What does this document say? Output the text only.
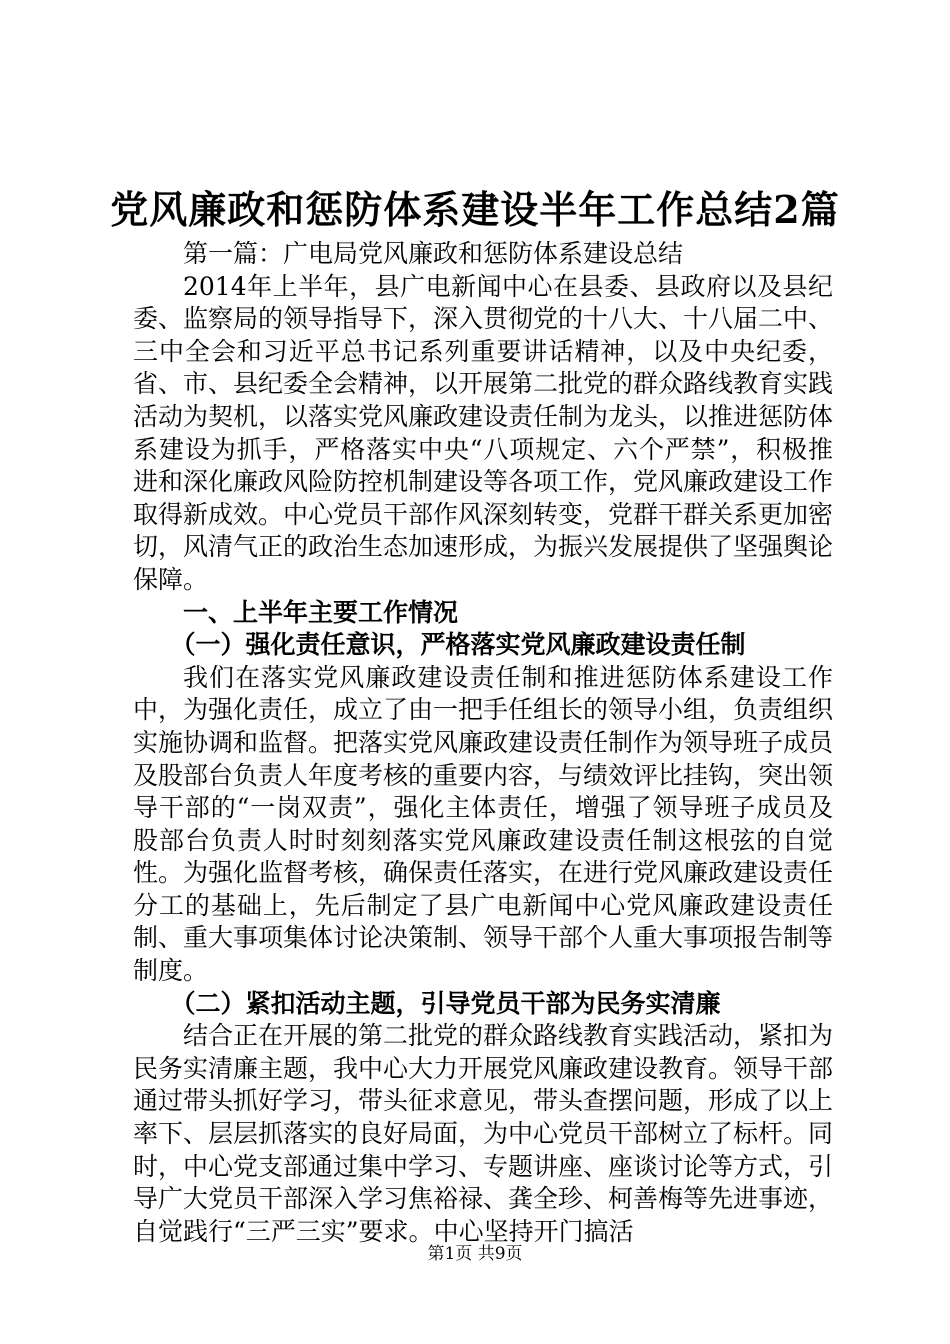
党风廉政和惩防体系建设半年工作总结2篇

第一篇：广电局党风廉政和惩防体系建设总结

2014年上半年，县广电新闻中心在县委、县政府以及县纪委、监察局的领导指导下，深入贯彻党的十八大、十八届二中、三中全会和习近平总书记系列重要讲话精神，以及中央纪委，省、市、县纪委全会精神，以开展第二批党的群众路线教育实践活动为契机，以落实党风廉政建设责任制为龙头，以推进惩防体系建设为抓手，严格落实中央“八项规定、六个严禁”，积极推进和深化廉政风险防控机制建设等各项工作，党风廉政建设工作取得新成效。中心党员干部作风深刻转变，党群干群关系更加密切，风清气正的政治生态加速形成，为振兴发展提供了坚强舆论保障。

一、上半年主要工作情况

（一）强化责任意识，严格落实党风廉政建设责任制

我们在落实党风廉政建设责任制和推进惩防体系建设工作中，为强化责任，成立了由一把手任组长的领导小组，负责组织实施协调和监督。把落实党风廉政建设责任制作为领导班子成员及股部台负责人年度考核的重要内容，与绩效评比挂钩，突出领导干部的“一岗双责”，强化主体责任，增强了领导班子成员及股部台负责人时时刻刻落实党风廉政建设责任制这根弦的自觉性。为强化监督考核，确保责任落实，在进行党风廉政建设责任分工的基础上，先后制定了县广电新闻中心党风廉政建设责任制、重大事项集体讨论决策制、领导干部个人重大事项报告制等制度。

（二）紧扣活动主题，引导党员干部为民务实清廉

结合正在开展的第二批党的群众路线教育实践活动，紧扣为民务实清廉主题，我中心大力开展党风廉政建设教育。领导干部通过带头抓好学习，带头征求意见，带头查摆问题，形成了以上率下、层层抓落实的良好局面，为中心党员干部树立了标杆。同时，中心党支部通过集中学习、专题讲座、座谈讨论等方式，引导广大党员干部深入学习焦裕禄、龚全珍、柯善梅等先进事迹，自觉践行“三严三实”要求。中心坚持开门搞活

第1页 共9页
